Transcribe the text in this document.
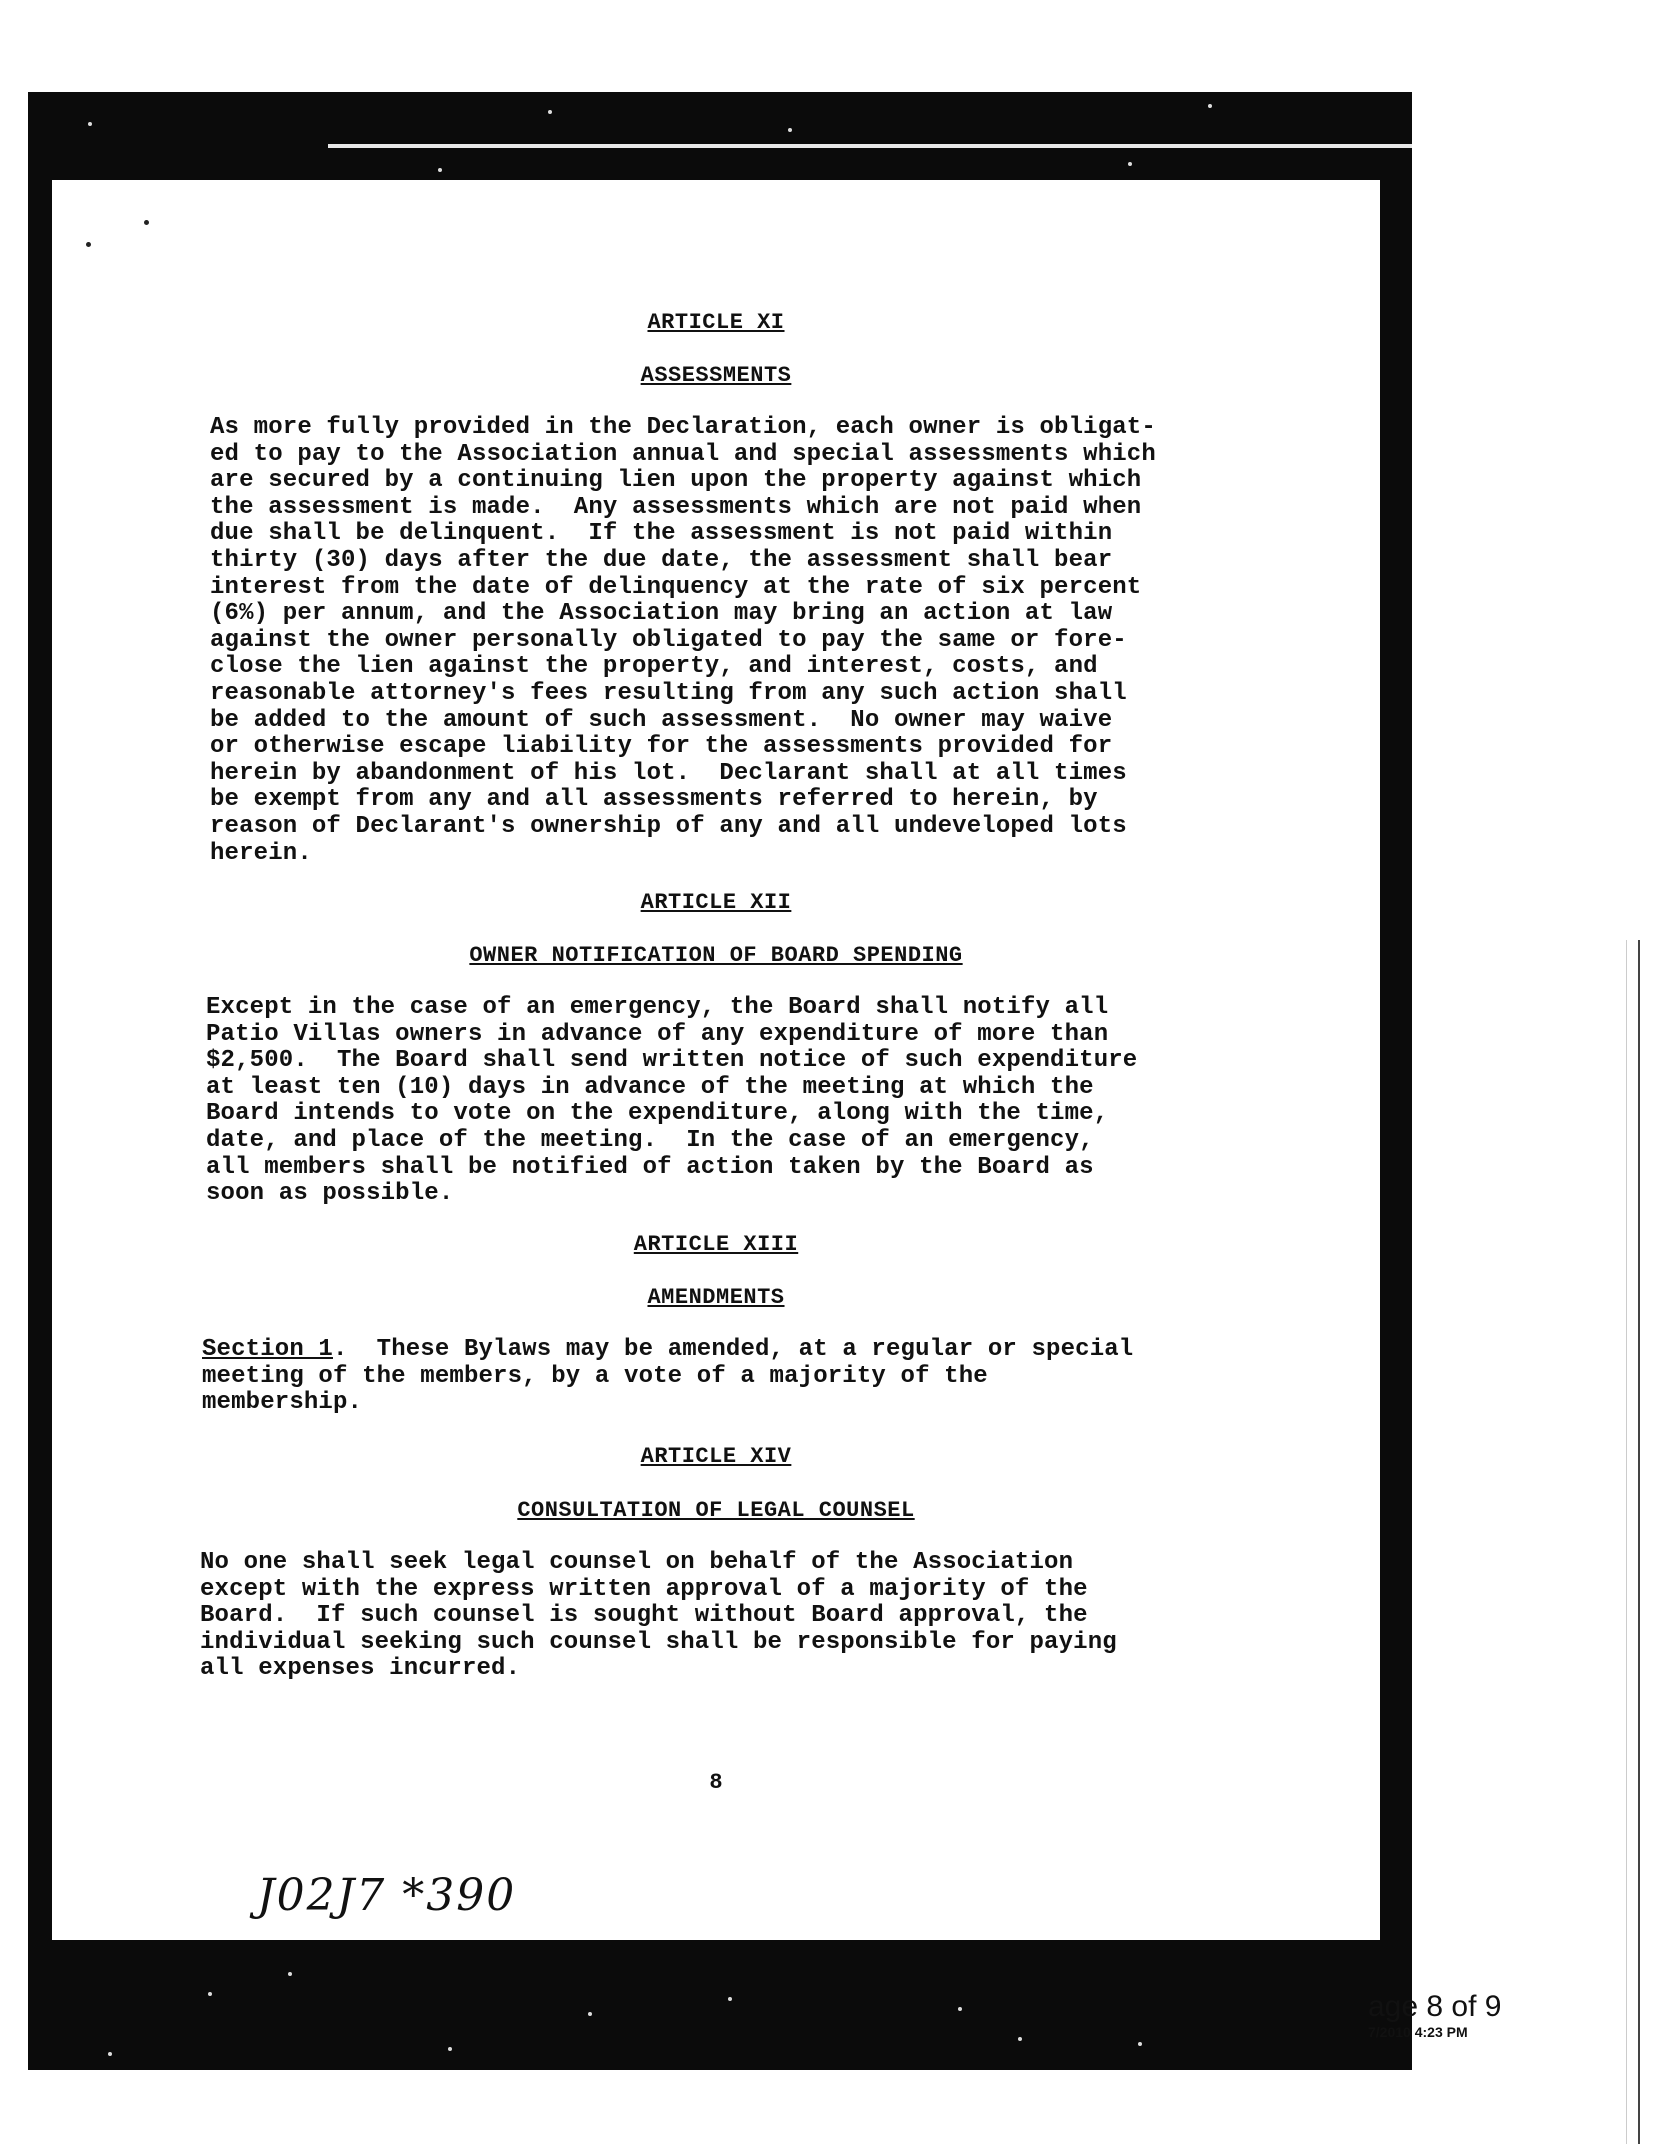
ARTICLE XI
ASSESSMENTS
As more fully provided in the Declaration, each owner is obligat-
ed to pay to the Association annual and special assessments which
are secured by a continuing lien upon the property against which
the assessment is made.  Any assessments which are not paid when
due shall be delinquent.  If the assessment is not paid within
thirty (30) days after the due date, the assessment shall bear
interest from the date of delinquency at the rate of six percent
(6%) per annum, and the Association may bring an action at law
against the owner personally obligated to pay the same or fore-
close the lien against the property, and interest, costs, and
reasonable attorney's fees resulting from any such action shall
be added to the amount of such assessment.  No owner may waive
or otherwise escape liability for the assessments provided for
herein by abandonment of his lot.  Declarant shall at all times
be exempt from any and all assessments referred to herein, by
reason of Declarant's ownership of any and all undeveloped lots
herein.
ARTICLE XII
OWNER NOTIFICATION OF BOARD SPENDING
Except in the case of an emergency, the Board shall notify all
Patio Villas owners in advance of any expenditure of more than
$2,500.  The Board shall send written notice of such expenditure
at least ten (10) days in advance of the meeting at which the
Board intends to vote on the expenditure, along with the time,
date, and place of the meeting.  In the case of an emergency,
all members shall be notified of action taken by the Board as
soon as possible.
ARTICLE XIII
AMENDMENTS
Section 1.  These Bylaws may be amended, at a regular or special
meeting of the members, by a vote of a majority of the
membership.
ARTICLE XIV
CONSULTATION OF LEGAL COUNSEL
No one shall seek legal counsel on behalf of the Association
except with the express written approval of a majority of the
Board.  If such counsel is sought without Board approval, the
individual seeking such counsel shall be responsible for paying
all expenses incurred.
8
J02J7 *390
age 8 of 9
7/2010 4:23 PM
